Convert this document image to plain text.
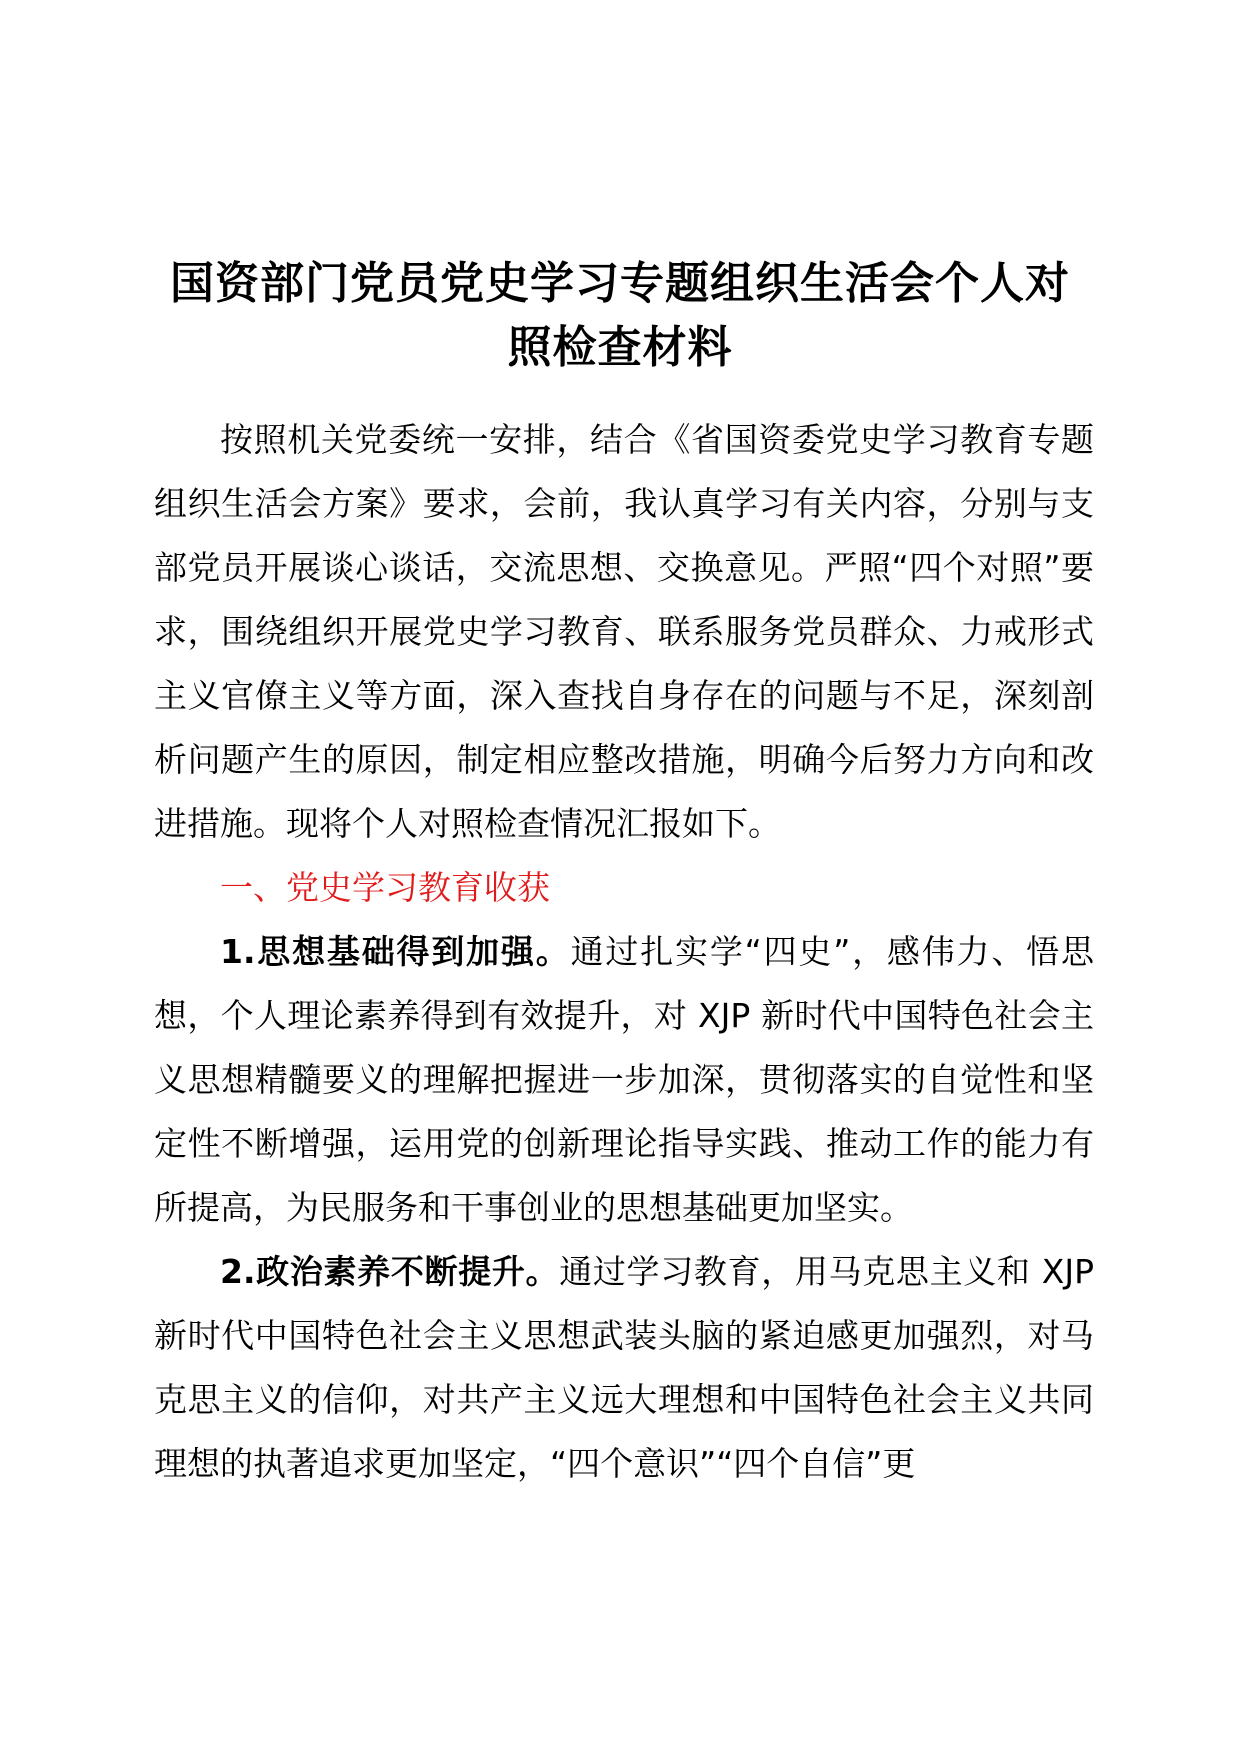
国资部门党员党史学习专题组织生活会个人对照检查材料

按照机关党委统一安排，结合《省国资委党史学习教育专题组织生活会方案》要求，会前，我认真学习有关内容，分别与支部党员开展谈心谈话，交流思想、交换意见。严照“四个对照”要求，围绕组织开展党史学习教育、联系服务党员群众、力戒形式主义官僚主义等方面，深入查找自身存在的问题与不足，深刻剖析问题产生的原因，制定相应整改措施，明确今后努力方向和改进措施。现将个人对照检查情况汇报如下。

一、党史学习教育收获

1.思想基础得到加强。通过扎实学“四史”，感伟力、悟思想，个人理论素养得到有效提升，对 XJP 新时代中国特色社会主义思想精髓要义的理解把握进一步加深，贯彻落实的自觉性和坚定性不断增强，运用党的创新理论指导实践、推动工作的能力有所提高，为民服务和干事创业的思想基础更加坚实。

2.政治素养不断提升。通过学习教育，用马克思主义和 XJP 新时代中国特色社会主义思想武装头脑的紧迫感更加强烈，对马克思主义的信仰，对共产主义远大理想和中国特色社会主义共同理想的执著追求更加坚定，“四个意识”“四个自信”更
